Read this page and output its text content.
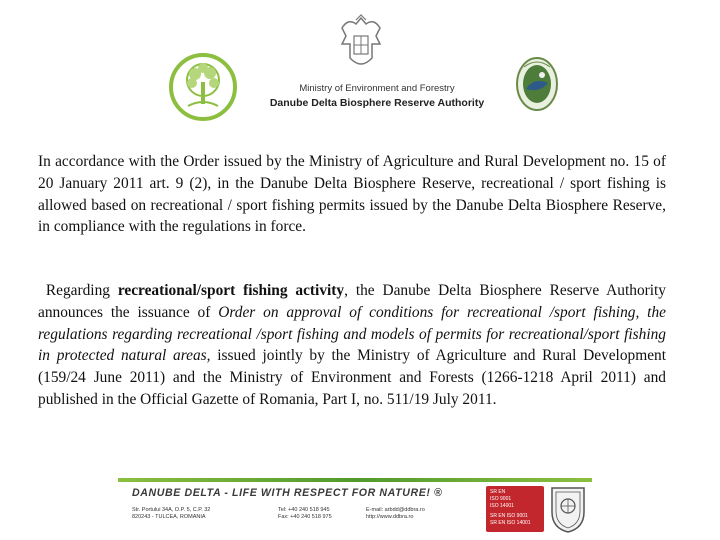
Ministry of Environment and Forestry
Danube Delta Biosphere Reserve Authority
In accordance with the Order issued by the Ministry of Agriculture and Rural Development no. 15 of 20 January 2011 art. 9 (2), in the Danube Delta Biosphere Reserve, recreational / sport fishing is allowed based on recreational / sport fishing permits issued by the Danube Delta Biosphere Reserve, in compliance with the regulations in force.
Regarding recreational/sport fishing activity, the Danube Delta Biosphere Reserve Authority announces the issuance of Order on approval of conditions for recreational /sport fishing, the regulations regarding recreational /sport fishing and models of permits for recreational/sport fishing in protected natural areas, issued jointly by the Ministry of Agriculture and Rural Development (159/24 June 2011) and the Ministry of Environment and Forests (1266-1218 April 2011) and published in the Official Gazette of Romania, Part I, no. 511/19 July 2011.
DANUBE DELTA - LIFE WITH RESPECT FOR NATURE! ®
Str. Portului 34A, O.P. 5, C.P. 32
820243 - TULCEA, ROMANIA
Tel: +40 240 518 945
Fax: +40 240 518 975
E-mail: arbdd@ddbra.ro
http://www.ddbra.ro
SR EN
ISO 9001
ISO 14001
SR EN ISO 9001
SR EN ISO 14001
